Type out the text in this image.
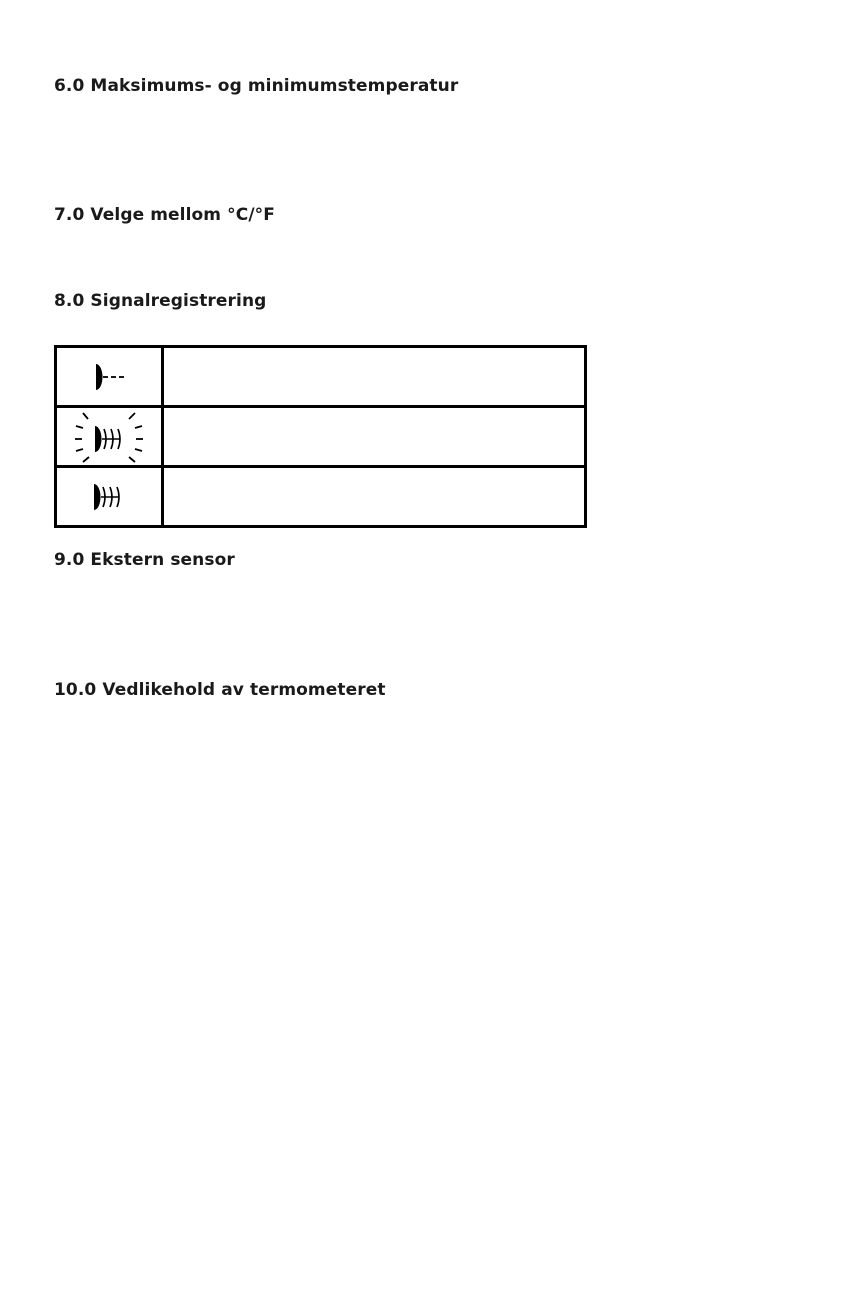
6.0 Maksimums- og minimumstemperatur
7.0 Velge mellom °C/°F
8.0 Signalregistrering

9.0 Ekstern sensor
10.0 Vedlikehold av termometeret
